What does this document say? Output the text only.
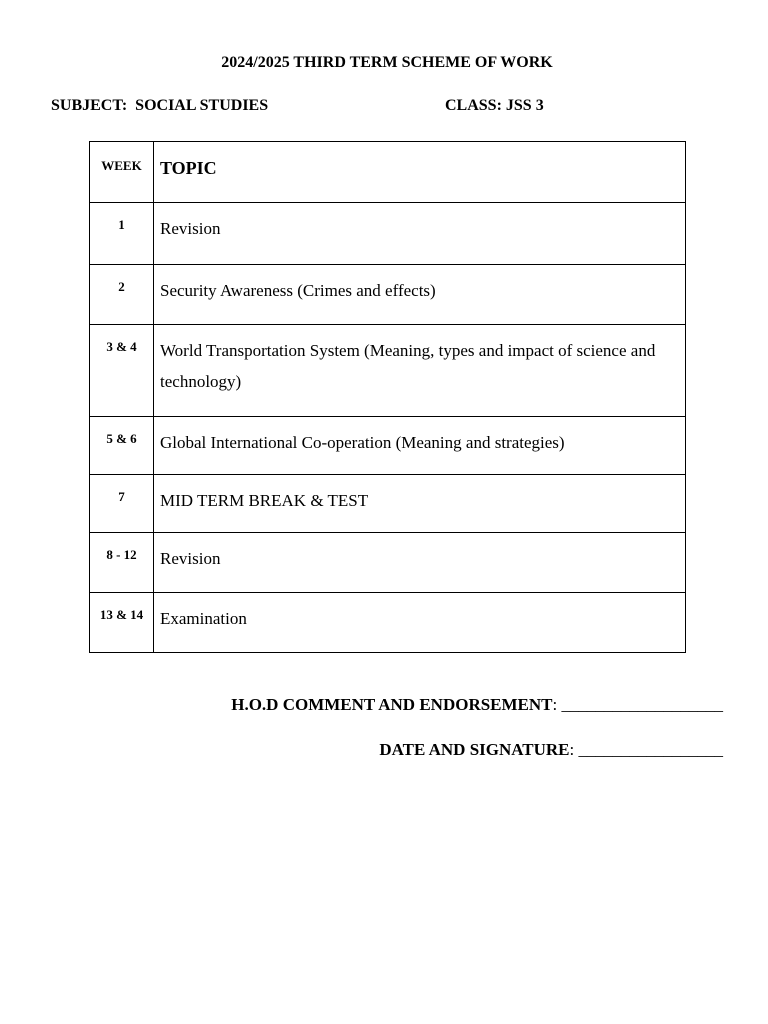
2024/2025 THIRD TERM SCHEME OF WORK
SUBJECT:  SOCIAL STUDIES	CLASS: JSS 3
WEEK	TOPIC
1	Revision
2	Security Awareness (Crimes and effects)
3 & 4	World Transportation System (Meaning, types and impact of science and technology)
5 & 6	Global International Co-operation (Meaning and strategies)
7	MID TERM BREAK & TEST
8 - 12	Revision
13 & 14	Examination
H.O.D COMMENT AND ENDORSEMENT: ___________________
DATE AND SIGNATURE: _________________
